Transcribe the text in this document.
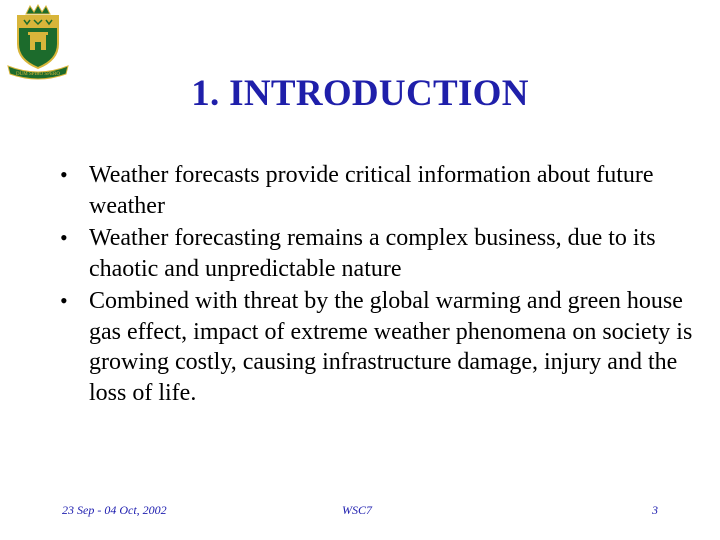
DUM SPIRO SPERO	1. INTRODUCTION
• Weather forecasts provide critical information about future weather
• Weather forecasting remains a complex business, due to its chaotic and unpredictable nature
• Combined with threat by the global warming and green house gas effect, impact of extreme weather phenomena on society is growing costly, causing infrastructure damage, injury and the loss of life.
23 Sep - 04 Oct, 2002	WSC7	3
